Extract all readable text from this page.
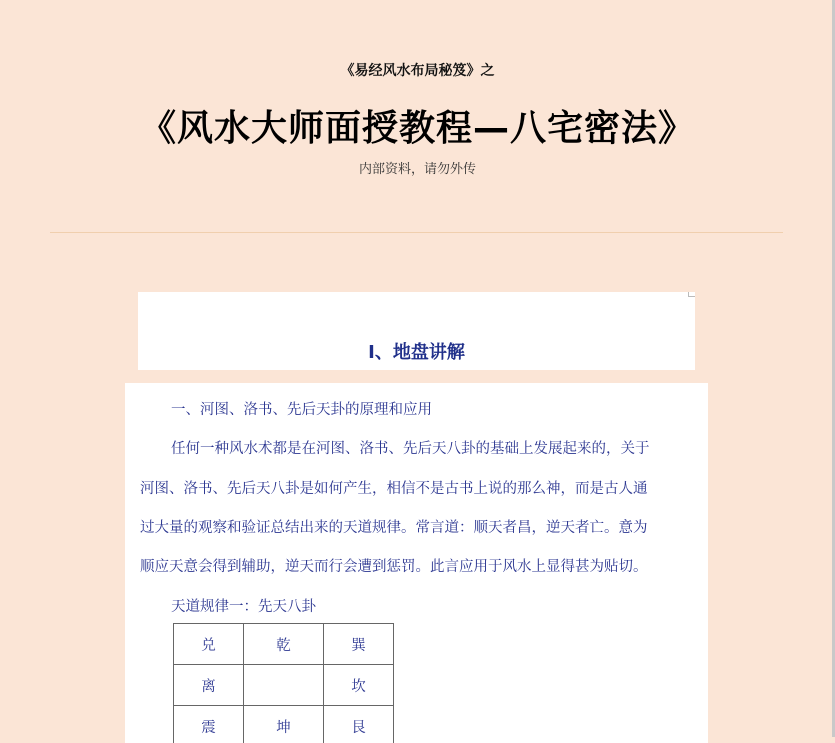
《易经风水布局秘笈》之
《风水大师面授教程—八宅密法》
内部资料，请勿外传
I、地盘讲解
一、河图、洛书、先后天卦的原理和应用
任何一种风水术都是在河图、洛书、先后天八卦的基础上发展起来的，关于
河图、洛书、先后天八卦是如何产生，相信不是古书上说的那么神，而是古人通
过大量的观察和验证总结出来的天道规律。常言道：顺天者昌，逆天者亡。意为
顺应天意会得到辅助，逆天而行会遭到惩罚。此言应用于风水上显得甚为贴切。
天道规律一：先天八卦
兑	乾	巽
离		坎
震	坤	艮
